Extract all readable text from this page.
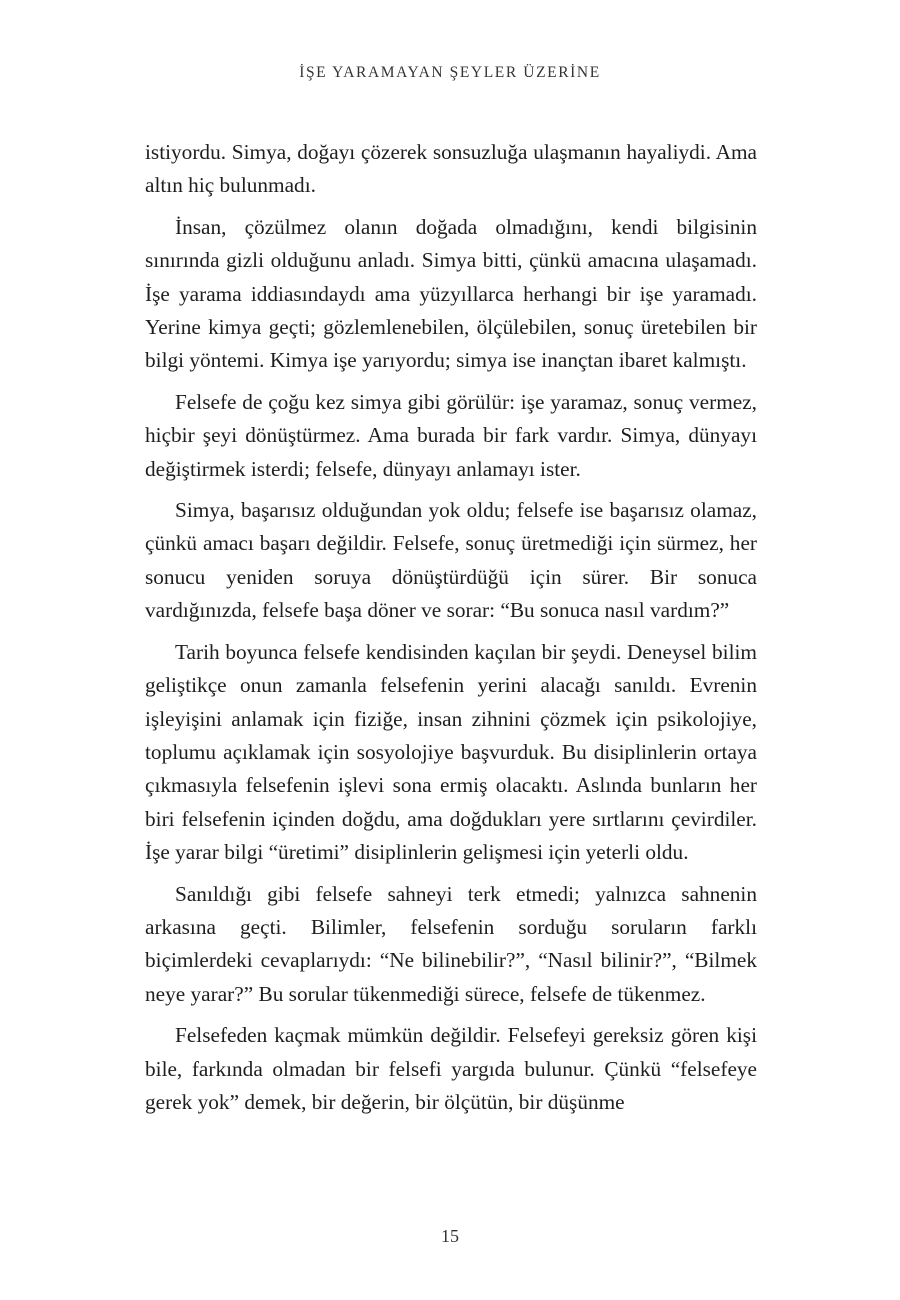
İŞE YARAMAYAN ŞEYLER ÜZERİNE

istiyordu. Simya, doğayı çözerek sonsuzluğa ulaşmanın hayaliydi. Ama altın hiç bulunmadı.

İnsan, çözülmez olanın doğada olmadığını, kendi bilgisinin sınırında gizli olduğunu anladı. Simya bitti, çünkü amacına ulaşamadı. İşe yarama iddiasındaydı ama yüzyıllarca herhangi bir işe yaramadı. Yerine kimya geçti; gözlemlenebilen, ölçülebilen, sonuç üretebilen bir bilgi yöntemi. Kimya işe yarıyordu; simya ise inançtan ibaret kalmıştı.

Felsefe de çoğu kez simya gibi görülür: işe yaramaz, sonuç vermez, hiçbir şeyi dönüştürmez. Ama burada bir fark vardır. Simya, dünyayı değiştirmek isterdi; felsefe, dünyayı anlamayı ister.

Simya, başarısız olduğundan yok oldu; felsefe ise başarısız olamaz, çünkü amacı başarı değildir. Felsefe, sonuç üretmediği için sürmez, her sonucu yeniden soruya dönüştürdüğü için sürer. Bir sonuca vardığınızda, felsefe başa döner ve sorar: “Bu sonuca nasıl vardım?”

Tarih boyunca felsefe kendisinden kaçılan bir şeydi. Deneysel bilim geliştikçe onun zamanla felsefenin yerini alacağı sanıldı. Evrenin işleyişini anlamak için fiziğe, insan zihnini çözmek için psikolojiye, toplumu açıklamak için sosyolojiye başvurduk. Bu disiplinlerin ortaya çıkmasıyla felsefenin işlevi sona ermiş olacaktı. Aslında bunların her biri felsefenin içinden doğdu, ama doğdukları yere sırtlarını çevirdiler. İşe yarar bilgi “üretimi” disiplinlerin gelişmesi için yeterli oldu.

Sanıldığı gibi felsefe sahneyi terk etmedi; yalnızca sahnenin arkasına geçti. Bilimler, felsefenin sorduğu soruların farklı biçimlerdeki cevaplarıydı: “Ne bilinebilir?”, “Nasıl bilinir?”, “Bilmek neye yarar?” Bu sorular tükenmediği sürece, felsefe de tükenmez.

Felsefeden kaçmak mümkün değildir. Felsefeyi gereksiz gören kişi bile, farkında olmadan bir felsefi yargıda bulunur. Çünkü “felsefeye gerek yok” demek, bir değerin, bir ölçütün, bir düşünme

15
